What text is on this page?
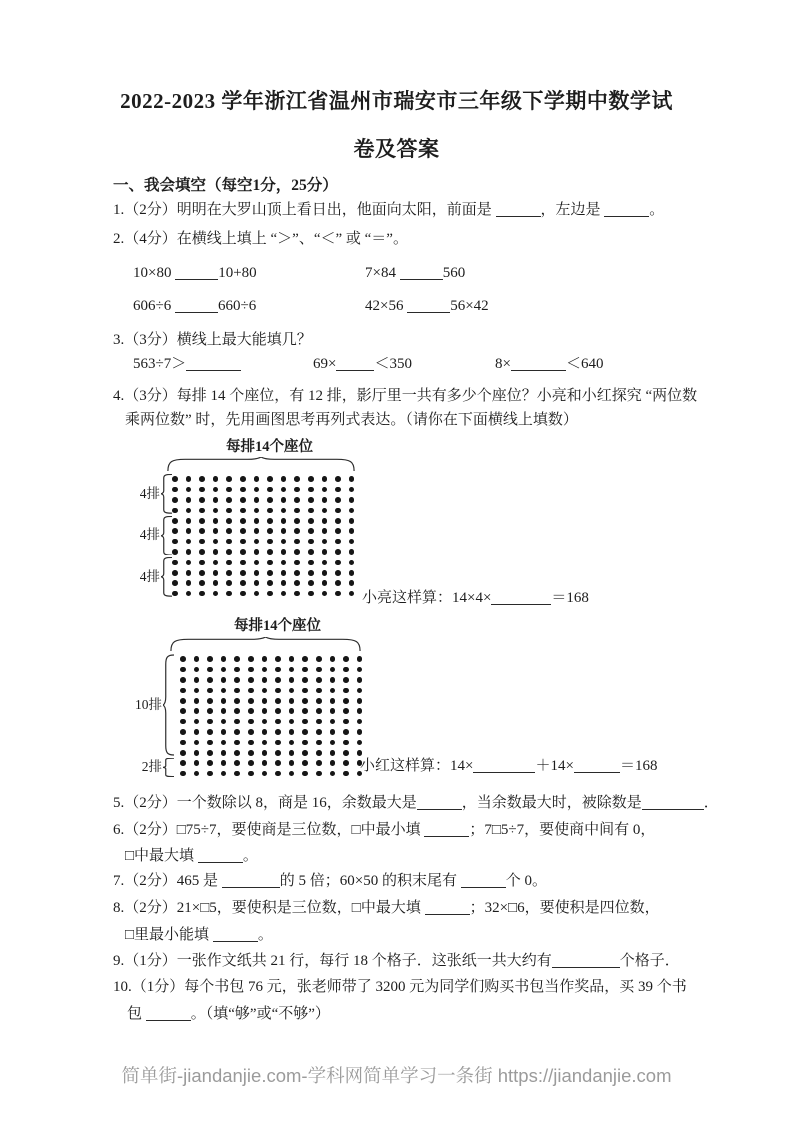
2022-2023 学年浙江省温州市瑞安市三年级下学期中数学试
卷及答案
一、我会填空（每空1分，25分）
1.（2分）明明在大罗山顶上看日出，他面向太阳，前面是	，左边是	。
2.（4分）在横线上填上 “＞”、“＜” 或 “＝”。
10×80	10+80	7×84	560
606÷6	660÷6	42×56	56×42
3.（3分）横线上最大能填几？
563÷7＞	69×	＜350	8×	＜640
4.（3分）每排 14 个座位，有 12 排，影厅里一共有多少个座位？小亮和小红探究 “两位数
乘两位数” 时，先用画图思考再列式表达。（请你在下面横线上填数）
每排14个座位
4排
4排
4排
小亮这样算：14×4×	＝168
每排14个座位
10排
2排	小红这样算：14×	＋14×	＝168
5.（2分）一个数除以 8，商是 16，余数最大是	，当余数最大时，被除数是	．
6.（2分）□75÷7，要使商是三位数，□中最小填	；7□5÷7，要使商中间有 0，
□中最大填	。
7.（2分）465 是	的 5 倍；60×50 的积末尾有	个 0。
8.（2分）21×□5，要使积是三位数，□中最大填	；32×□6，要使积是四位数，
□里最小能填	。
9.（1分）一张作文纸共 21 行，每行 18 个格子．这张纸一共大约有	个格子．
10.（1分）每个书包 76 元，张老师带了 3200 元为同学们购买书包当作奖品，买 39 个书
包	。（填“够”或“不够”）
简单街-jiandanjie.com-学科网简单学习一条街 https://jiandanjie.com
